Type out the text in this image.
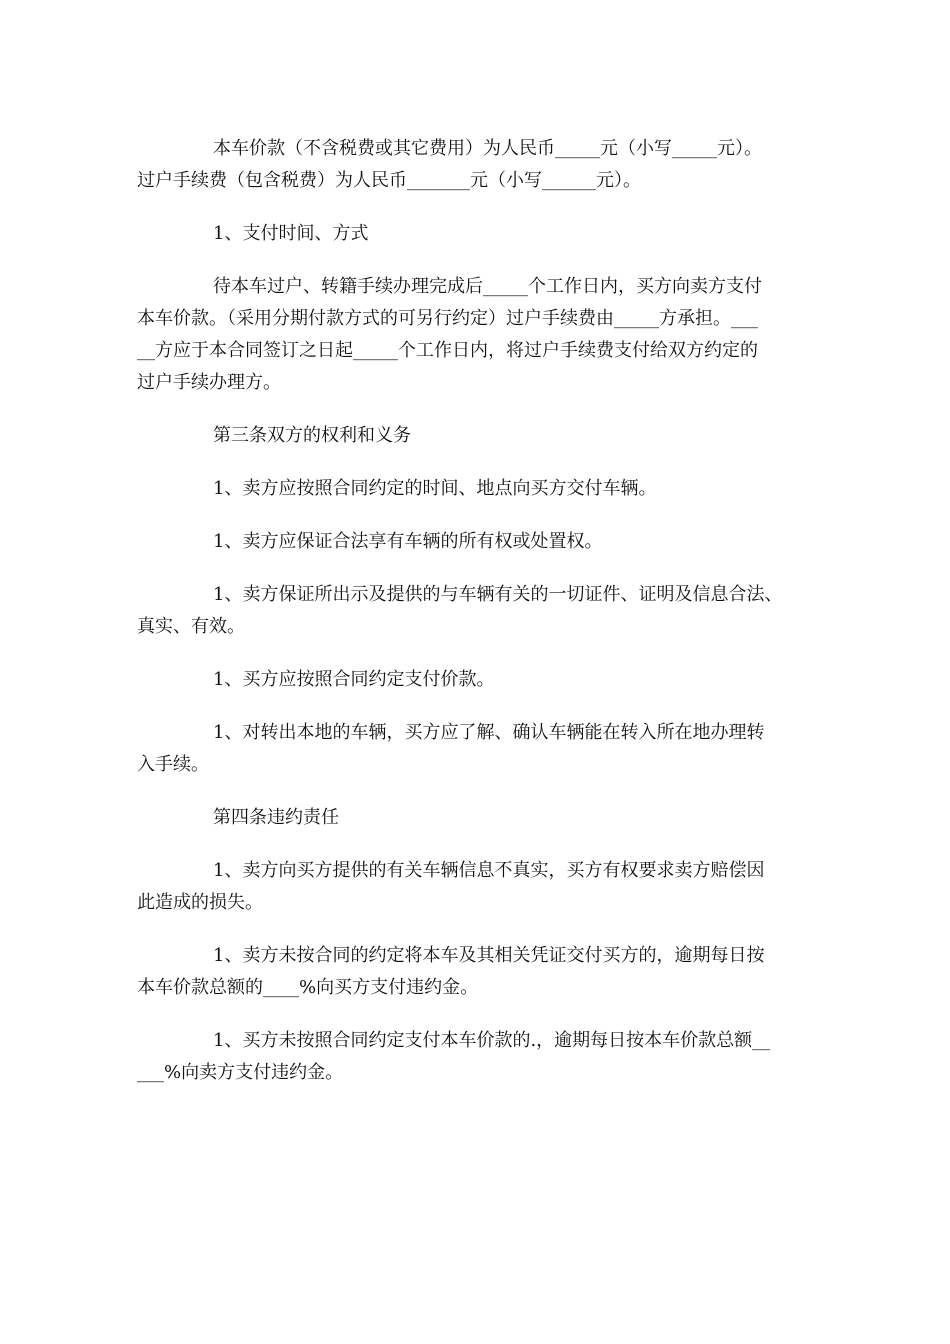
本车价款（不含税费或其它费用）为人民币_____元（小写_____元）。
过户手续费（包含税费）为人民币_______元（小写______元）。

1、支付时间、方式

待本车过户、转籍手续办理完成后_____个工作日内，买方向卖方支付
本车价款。（采用分期付款方式的可另行约定）过户手续费由_____方承担。___
__方应于本合同签订之日起_____个工作日内，将过户手续费支付给双方约定的
过户手续办理方。

第三条双方的权利和义务

1、卖方应按照合同约定的时间、地点向买方交付车辆。

1、卖方应保证合法享有车辆的所有权或处置权。

1、卖方保证所出示及提供的与车辆有关的一切证件、证明及信息合法、
真实、有效。

1、买方应按照合同约定支付价款。

1、对转出本地的车辆，买方应了解、确认车辆能在转入所在地办理转
入手续。

第四条违约责任

1、卖方向买方提供的有关车辆信息不真实，买方有权要求卖方赔偿因
此造成的损失。

1、卖方未按合同的约定将本车及其相关凭证交付买方的，逾期每日按
本车价款总额的____%向买方支付违约金。

1、买方未按照合同约定支付本车价款的.，逾期每日按本车价款总额__
___%向卖方支付违约金。
